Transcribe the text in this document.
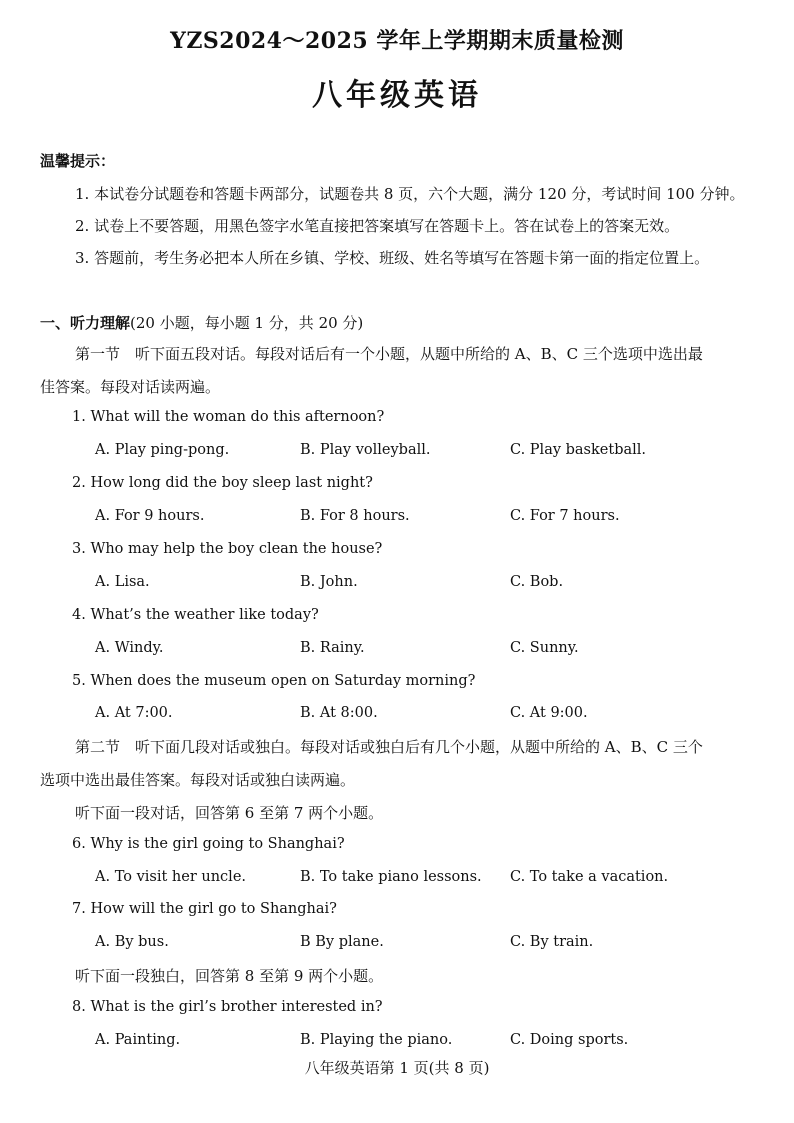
YZS2024～2025 学年上学期期末质量检测
八年级英语
温馨提示：
1. 本试卷分试题卷和答题卡两部分，试题卷共 8 页，六个大题，满分 120 分，考试时间 100 分钟。
2. 试卷上不要答题，用黑色签字水笔直接把答案填写在答题卡上。答在试卷上的答案无效。
3. 答题前，考生务必把本人所在乡镇、学校、班级、姓名等填写在答题卡第一面的指定位置上。
一、听力理解(20 小题，每小题 1 分，共 20 分)
第一节　听下面五段对话。每段对话后有一个小题，从题中所给的 A、B、C 三个选项中选出最
佳答案。每段对话读两遍。
1. What will the woman do this afternoon?
A. Play ping-pong.	B. Play volleyball.	C. Play basketball.
2. How long did the boy sleep last night?
A. For 9 hours.	B. For 8 hours.	C. For 7 hours.
3. Who may help the boy clean the house?
A. Lisa.	B. John.	C. Bob.
4. What’s the weather like today?
A. Windy.	B. Rainy.	C. Sunny.
5. When does the museum open on Saturday morning?
A. At 7:00.	B. At 8:00.	C. At 9:00.
第二节　听下面几段对话或独白。每段对话或独白后有几个小题，从题中所给的 A、B、C 三个
选项中选出最佳答案。每段对话或独白读两遍。
听下面一段对话，回答第 6 至第 7 两个小题。
6. Why is the girl going to Shanghai?
A. To visit her uncle.	B. To take piano lessons. C. To take a vacation.
7. How will the girl go to Shanghai?
A. By bus.	B By plane.	C. By train.
听下面一段独白，回答第 8 至第 9 两个小题。
8. What is the girl’s brother interested in?
A. Painting.	B. Playing the piano.	C. Doing sports.
八年级英语第 1 页(共 8 页)
